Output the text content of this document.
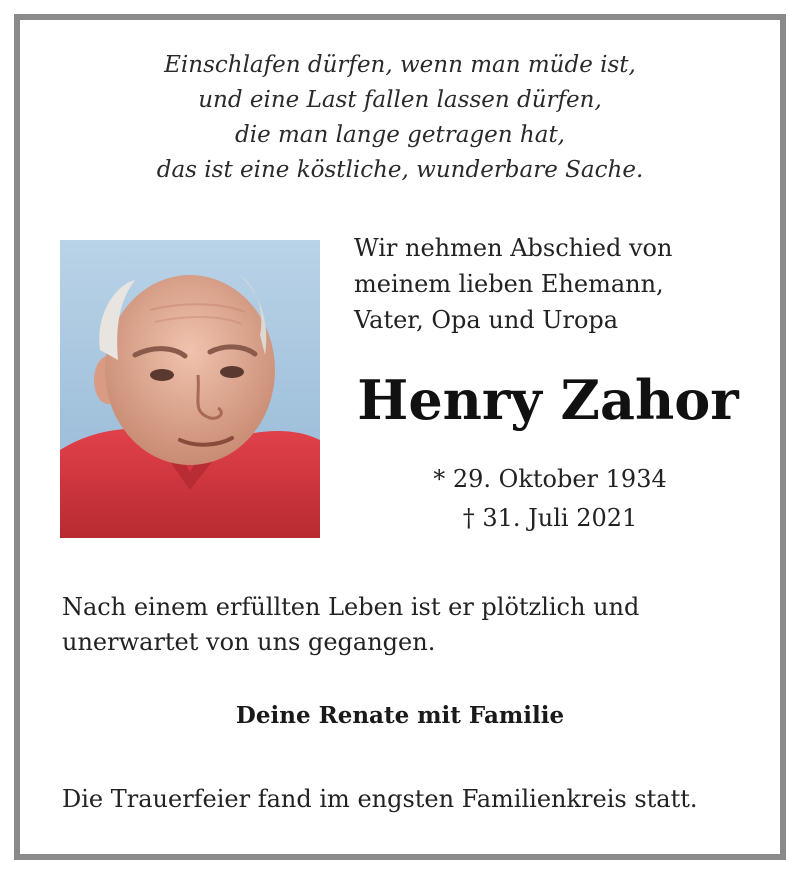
Einschlafen dürfen, wenn man müde ist,
und eine Last fallen lassen dürfen,
die man lange getragen hat,
das ist eine köstliche, wunderbare Sache.
Wir nehmen Abschied von
meinem lieben Ehemann,
Vater, Opa und Uropa
Henry Zahor
* 29. Oktober 1934
† 31. Juli 2021
Nach einem erfüllten Leben ist er plötzlich und
unerwartet von uns gegangen.
Deine Renate mit Familie
Die Trauerfeier fand im engsten Familienkreis statt.
